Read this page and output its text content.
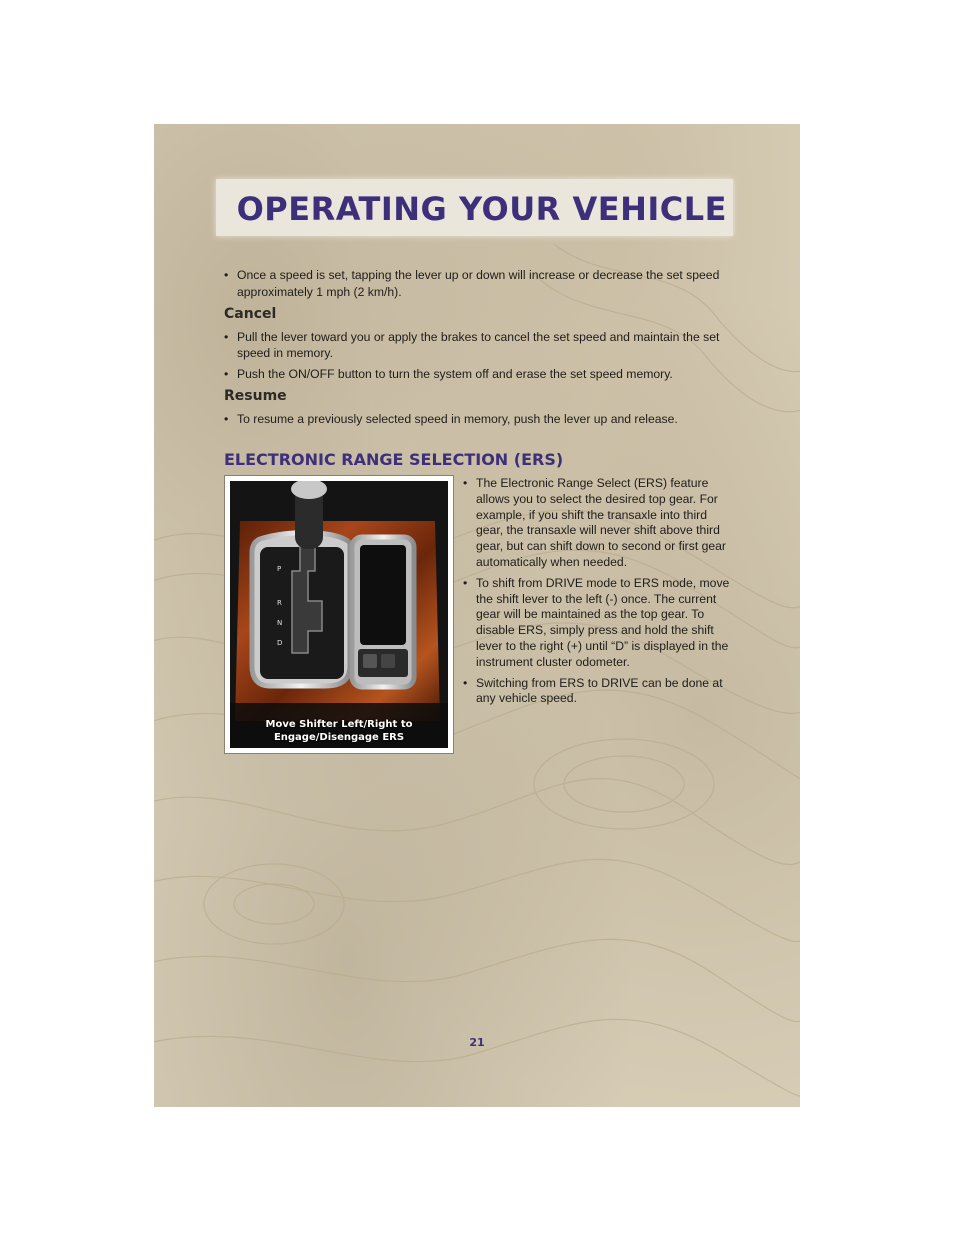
OPERATING YOUR VEHICLE

• Once a speed is set, tapping the lever up or down will increase or decrease the set speed approximately 1 mph (2 km/h).

Cancel

• Pull the lever toward you or apply the brakes to cancel the set speed and maintain the set speed in memory.

• Push the ON/OFF button to turn the system off and erase the set speed memory.

Resume

• To resume a previously selected speed in memory, push the lever up and release.

ELECTRONIC RANGE SELECTION (ERS)
P
R
N
D
Move Shifter Left/Right to
Engage/Disengage ERS

• The Electronic Range Select (ERS) feature allows you to select the desired top gear. For example, if you shift the transaxle into third gear, the transaxle will never shift above third gear, but can shift down to second or first gear automatically when needed.

• To shift from DRIVE mode to ERS mode, move the shift lever to the left (-) once. The current gear will be maintained as the top gear. To disable ERS, simply press and hold the shift lever to the right (+) until “D” is displayed in the instrument cluster odometer.

• Switching from ERS to DRIVE can be done at any vehicle speed.

21
